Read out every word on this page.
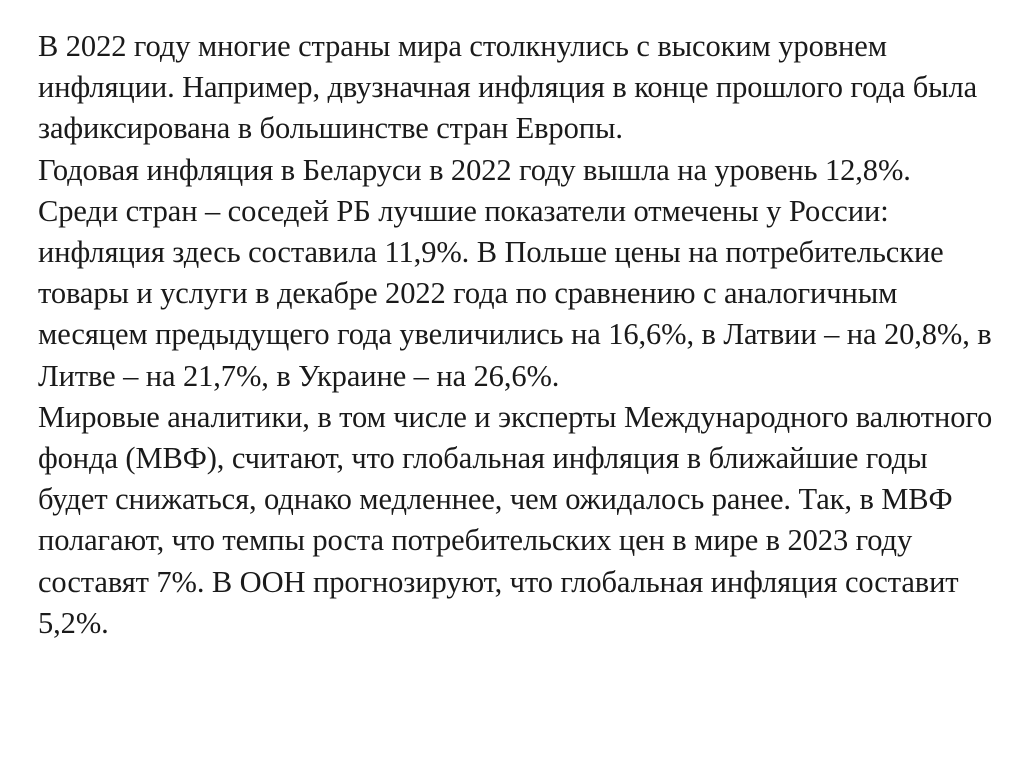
В 2022 году многие страны мира столкнулись с высоким уровнем инфляции. Например, двузначная инфляция в конце прошлого года была зафиксирована в большинстве стран Европы.

Годовая инфляция в Беларуси в 2022 году вышла на уровень 12,8%. Среди стран – соседей РБ лучшие показатели отмечены у России: инфляция здесь составила 11,9%. В Польше цены на потребительские товары и услуги в декабре 2022 года по сравнению с аналогичным месяцем предыдущего года увеличились на 16,6%, в Латвии – на 20,8%, в Литве – на 21,7%, в Украине – на 26,6%.

Мировые аналитики, в том числе и эксперты Международного валютного фонда (МВФ), считают, что глобальная инфляция в ближайшие годы будет снижаться, однако медленнее, чем ожидалось ранее. Так, в МВФ полагают, что темпы роста потребительских цен в мире в 2023 году составят 7%. В ООН прогнозируют, что глобальная инфляция составит 5,2%.
